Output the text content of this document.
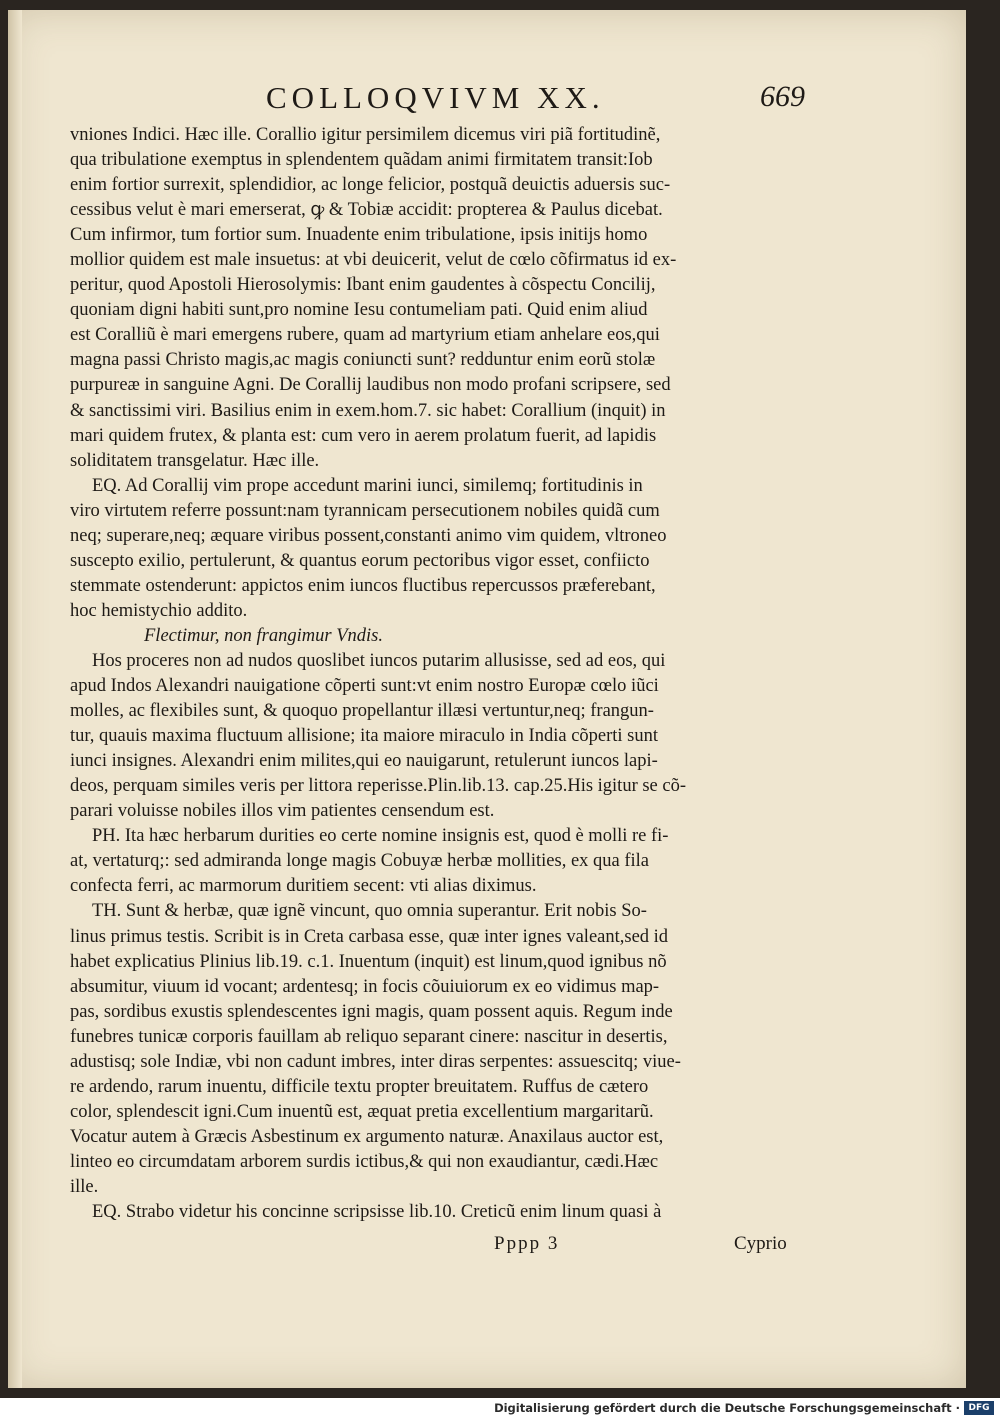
COLLOQVIVM XX.	669
vniones Indici. Hæc ille. Corallio igitur persimilem dicemus viri piã fortitudinẽ,
qua tribulatione exemptus in splendentem quãdam animi firmitatem transit:Iob
enim fortior surrexit, splendidior, ac longe felicior, postquã deuictis aduersis suc-
cessibus velut è mari emerserat, ꝙ & Tobiæ accidit: propterea & Paulus dicebat.
Cum infirmor, tum fortior sum. Inuadente enim tribulatione, ipsis initijs homo
mollior quidem est male insuetus: at vbi deuicerit, velut de cœlo cõfirmatus id ex-
peritur, quod Apostoli Hierosolymis: Ibant enim gaudentes à cõspectu Concilij,
quoniam digni habiti sunt,pro nomine Iesu contumeliam pati. Quid enim aliud
est Coralliũ è mari emergens rubere, quam ad martyrium etiam anhelare eos,qui
magna passi Christo magis,ac magis coniuncti sunt? redduntur enim eorũ stolæ
purpureæ in sanguine Agni. De Corallij laudibus non modo profani scripsere, sed
& sanctissimi viri. Basilius enim in exem.hom.7. sic habet: Corallium (inquit) in
mari quidem frutex, & planta est: cum vero in aerem prolatum fuerit, ad lapidis
soliditatem transgelatur. Hæc ille.
EQ. Ad Corallij vim prope accedunt marini iunci, similemq; fortitudinis in
viro virtutem referre possunt:nam tyrannicam persecutionem nobiles quidã cum
neq; superare,neq; æquare viribus possent,constanti animo vim quidem, vltroneo
suscepto exilio, pertulerunt, & quantus eorum pectoribus vigor esset, confiicto
stemmate ostenderunt: appictos enim iuncos fluctibus repercussos præferebant,
hoc hemistychio addito.
Flectimur, non frangimur Vndis.
Hos proceres non ad nudos quoslibet iuncos putarim allusisse, sed ad eos, qui
apud Indos Alexandri nauigatione cõperti sunt:vt enim nostro Europæ cœlo iũci
molles, ac flexibiles sunt, & quoquo propellantur illæsi vertuntur,neq; frangun-
tur, quauis maxima fluctuum allisione; ita maiore miraculo in India cõperti sunt
iunci insignes. Alexandri enim milites,qui eo nauigarunt, retulerunt iuncos lapi-
deos, perquam similes veris per littora reperisse.Plin.lib.13. cap.25.His igitur se cõ-
parari voluisse nobiles illos vim patientes censendum est.
PH. Ita hæc herbarum durities eo certe nomine insignis est, quod è molli re fi-
at, vertaturq;: sed admiranda longe magis Cobuyæ herbæ mollities, ex qua fila
confecta ferri, ac marmorum duritiem secent: vti alias diximus.
TH. Sunt & herbæ, quæ ignẽ vincunt, quo omnia superantur. Erit nobis So-
linus primus testis. Scribit is in Creta carbasa esse, quæ inter ignes valeant,sed id
habet explicatius Plinius lib.19. c.1. Inuentum (inquit) est linum,quod ignibus nõ
absumitur, viuum id vocant; ardentesq; in focis cõuiuiorum ex eo vidimus map-
pas, sordibus exustis splendescentes igni magis, quam possent aquis. Regum inde
funebres tunicæ corporis fauillam ab reliquo separant cinere: nascitur in desertis,
adustisq; sole Indiæ, vbi non cadunt imbres, inter diras serpentes: assuescitq; viue-
re ardendo, rarum inuentu, difficile textu propter breuitatem. Ruffus de cætero
color, splendescit igni.Cum inuentũ est, æquat pretia excellentium margaritarũ.
Vocatur autem à Græcis Asbestinum ex argumento naturæ. Anaxilaus auctor est,
linteo eo circumdatam arborem surdis ictibus,& qui non exaudiantur, cædi.Hæc
ille.
EQ. Strabo videtur his concinne scripsisse lib.10. Creticũ enim linum quasi à
Pppp 3	Cyprio
Digitalisierung gefördert durch die Deutsche Forschungsgemeinschaft · DFG
